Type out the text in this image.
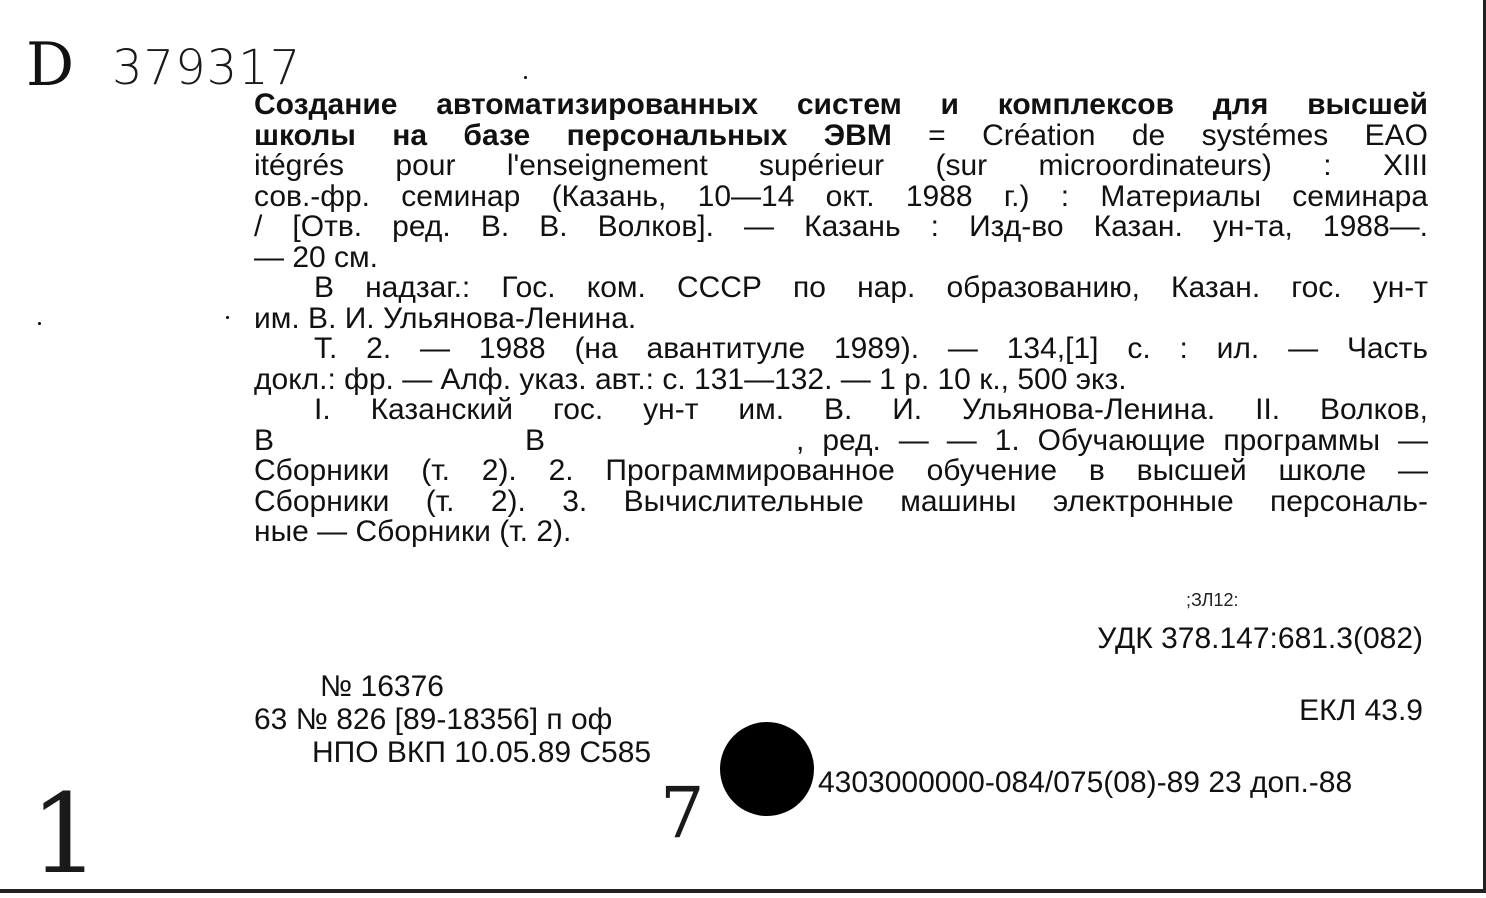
D 379317
Создание автоматизированных систем и комплексов для высшей
школы на базе персональных ЭВМ = Création de systémes EAO
itégrés pour l'enseignement supérieur (sur microordinateurs) : XIII
сов.-фр. семинар (Казань, 10—14 окт. 1988 г.) : Материалы семинара
/ [Отв. ред. В. В. Волков]. — Казань : Изд-во Казан. ун-та, 1988—.
— 20 см.
В надзаг.: Гос. ком. СССР по нар. образованию, Казан. гос. ун-т
им. В. И. Ульянова-Ленина.
Т. 2. — 1988 (на авантитуле 1989). — 134,[1] с. : ил. — Часть
докл.: фр. — Алф. указ. авт.: с. 131—132. — 1 р. 10 к., 500 экз.
I. Казанский гос. ун-т им. В. И. Ульянова-Ленина. II. Волков,
В              В              , ред. — — 1. Обучающие программы —
Сборники (т. 2). 2. Программированное обучение в высшей школе —
Сборники (т. 2). 3. Вычислительные машины электронные персональ-
ные — Сборники (т. 2).
;ЗЛ12:
УДК 378.147:681.3(082)
№ 16376
63 № 826 [89-18356] п оф
НПО ВКП 10.05.89 С585
ЕКЛ 43.9
4303000000-084/075(08)-89 23 доп.-88
1	7
